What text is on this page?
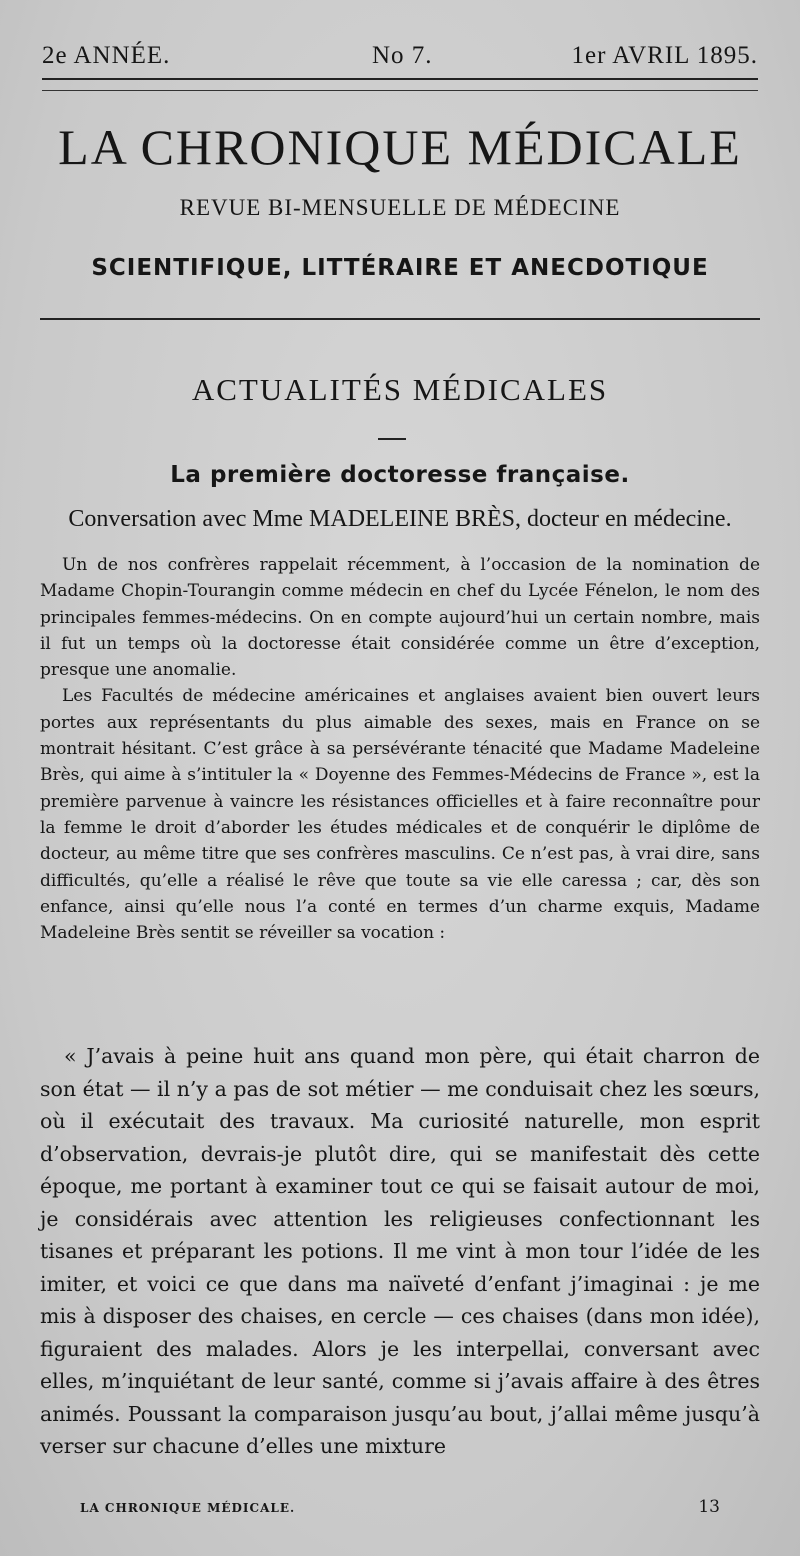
2e ANNÉE.	No 7.	1er AVRIL 1895.
LA CHRONIQUE MÉDICALE
REVUE BI-MENSUELLE DE MÉDECINE
SCIENTIFIQUE, LITTÉRAIRE ET ANECDOTIQUE
ACTUALITÉS MÉDICALES
La première doctoresse française.
Conversation avec Mme MADELEINE BRÈS, docteur en médecine.

Un de nos confrères rappelait récemment, à l’occasion de la nomination de Madame Chopin-Tourangin comme médecin en chef du Lycée Fénelon, le nom des principales femmes-médecins. On en compte aujourd’hui un certain nombre, mais il fut un temps où la doctoresse était considérée comme un être d’exception, presque une anomalie.

Les Facultés de médecine américaines et anglaises avaient bien ouvert leurs portes aux représentants du plus aimable des sexes, mais en France on se montrait hésitant. C’est grâce à sa persévérante ténacité que Madame Madeleine Brès, qui aime à s’intituler la « Doyenne des Femmes-Médecins de France », est la première parvenue à vaincre les résistances officielles et à faire reconnaître pour la femme le droit d’aborder les études médicales et de conquérir le diplôme de docteur, au même titre que ses confrères masculins. Ce n’est pas, à vrai dire, sans difficultés, qu’elle a réalisé le rêve que toute sa vie elle caressa ; car, dès son enfance, ainsi qu’elle nous l’a conté en termes d’un charme exquis, Madame Madeleine Brès sentit se réveiller sa vocation :

« J’avais à peine huit ans quand mon père, qui était charron de son état — il n’y a pas de sot métier — me conduisait chez les sœurs, où il exécutait des travaux. Ma curiosité naturelle, mon esprit d’observation, devrais-je plutôt dire, qui se manifestait dès cette époque, me portant à examiner tout ce qui se faisait autour de moi, je considérais avec attention les religieuses confectionnant les tisanes et préparant les potions. Il me vint à mon tour l’idée de les imiter, et voici ce que dans ma naïveté d’enfant j’imaginai : je me mis à disposer des chaises, en cercle — ces chaises (dans mon idée), figuraient des malades. Alors je les interpellai, conversant avec elles, m’inquiétant de leur santé, comme si j’avais affaire à des êtres animés. Poussant la comparaison jusqu’au bout, j’allai même jusqu’à verser sur chacune d’elles une mixture

LA CHRONIQUE MÉDICALE.	13
